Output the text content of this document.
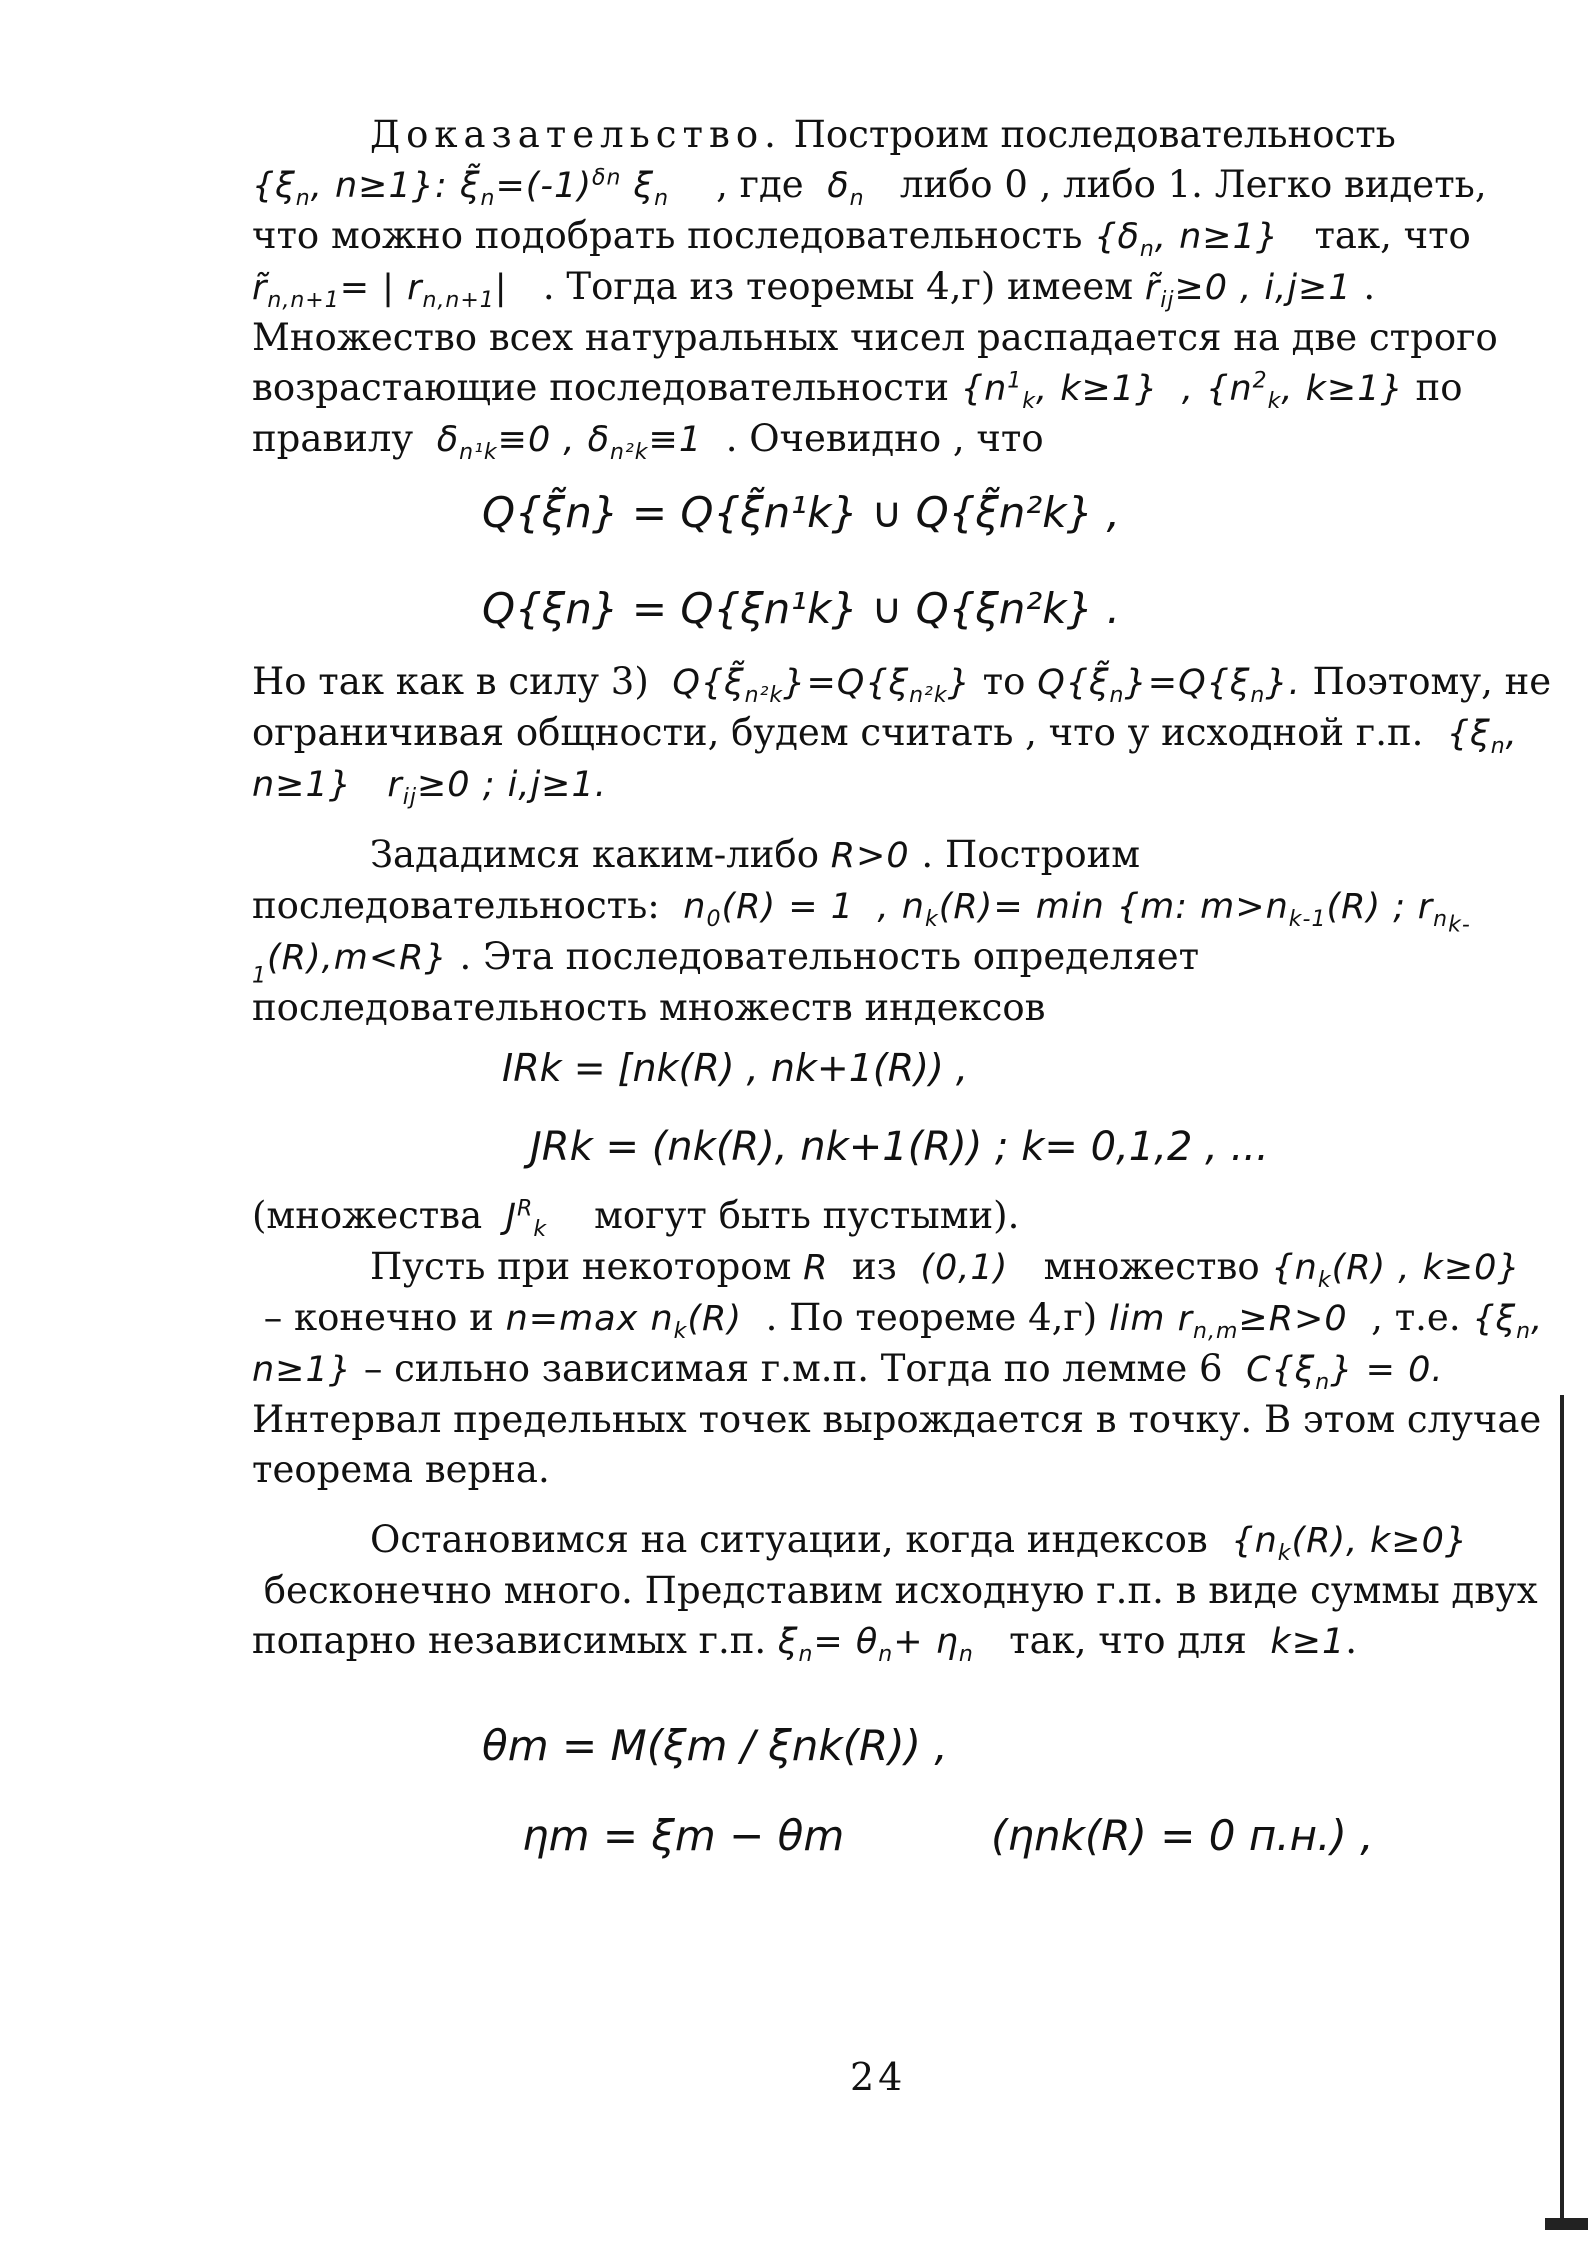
Доказательство. Построим последовательность

{$\xi_n$, n≥1}: $\xĩ_n=(-1)^{\delta n}$ $\xi_n$ , где $\delta_n$ либо 0 , либо 1. Легко видеть, что можно подобрать последовательность {$\delta_n$, n≥1} так, что $r̃_{n,n+1}=$ | $r_{n,n+1}|$ . Тогда из теоремы 4,г) имеем $r̃_{ij}\ge 0$ , i,j≥1 . Множество всех натуральных чисел распадается на две строго возрастающие последовательности {$n^1_k$, k≥1} , {$n^2_k$, k≥1} по правилу $\delta_{n^1k}\equiv 0$ , $\delta_{n^2k}\equiv 1$ . Очевидно , что

Q{ξ̃n} = Q{ξ̃n¹k} ∪ Q{ξ̃n²k} ,
Q{ξn} = Q{ξn¹k} ∪ Q{ξn²k} .

Но так как в силу 3) $Q\{\xĩ_{n^2k}\}=Q\{\xi_{n^2k}\}$ то $Q\{\xĩ_n\}=Q\{\xi_n\}$. Поэтому, не ограничивая общности, будем считать , что у исходной г.п. {$\xi_n$, n≥1} $r_{ij}\ge 0$ ; i,j≥1.

Зададимся каким-либо R>0 . Построим последовательность: $n_0(R) = 1$ , $n_k(R)= \min \{m$: $m>n_{k-1}(R)$ ; $r_{n_{k-1}}(R),m<R$} . Эта последовательность определяет последовательность множеств индексов

IRk = [nk(R) , nk+1(R)) ,
JRk = (nk(R), nk+1(R)) ; k= 0,1,2 , ...

(множества $J^R_k$ могут быть пустыми).

Пусть при некотором R из (0,1) множество {$n_k(R)$ , k≥0}  – конечно и n=max $n_k(R)$ . По теореме 4,г) $\lim r_{n,m}\ge R>0$ , т.е. {$\xi_n$, n≥1} – сильно зависимая г.м.п. Тогда по лемме 6 $C\{\xi_n\} = 0$. Интервал предельных точек вырождается в точку. В этом случае теорема верна.

Остановимся на ситуации, когда индексов {$n_k(R)$, k≥0}  бесконечно много. Представим исходную г.п. в виде суммы двух попарно независимых г.п. $\xi_n= \theta_n+ \eta_n$ так, что для k≥1.

θm = M(ξm / ξnk(R)) ,
ηm = ξm − θm	(ηnk(R) = 0 п.н.) ,
24
